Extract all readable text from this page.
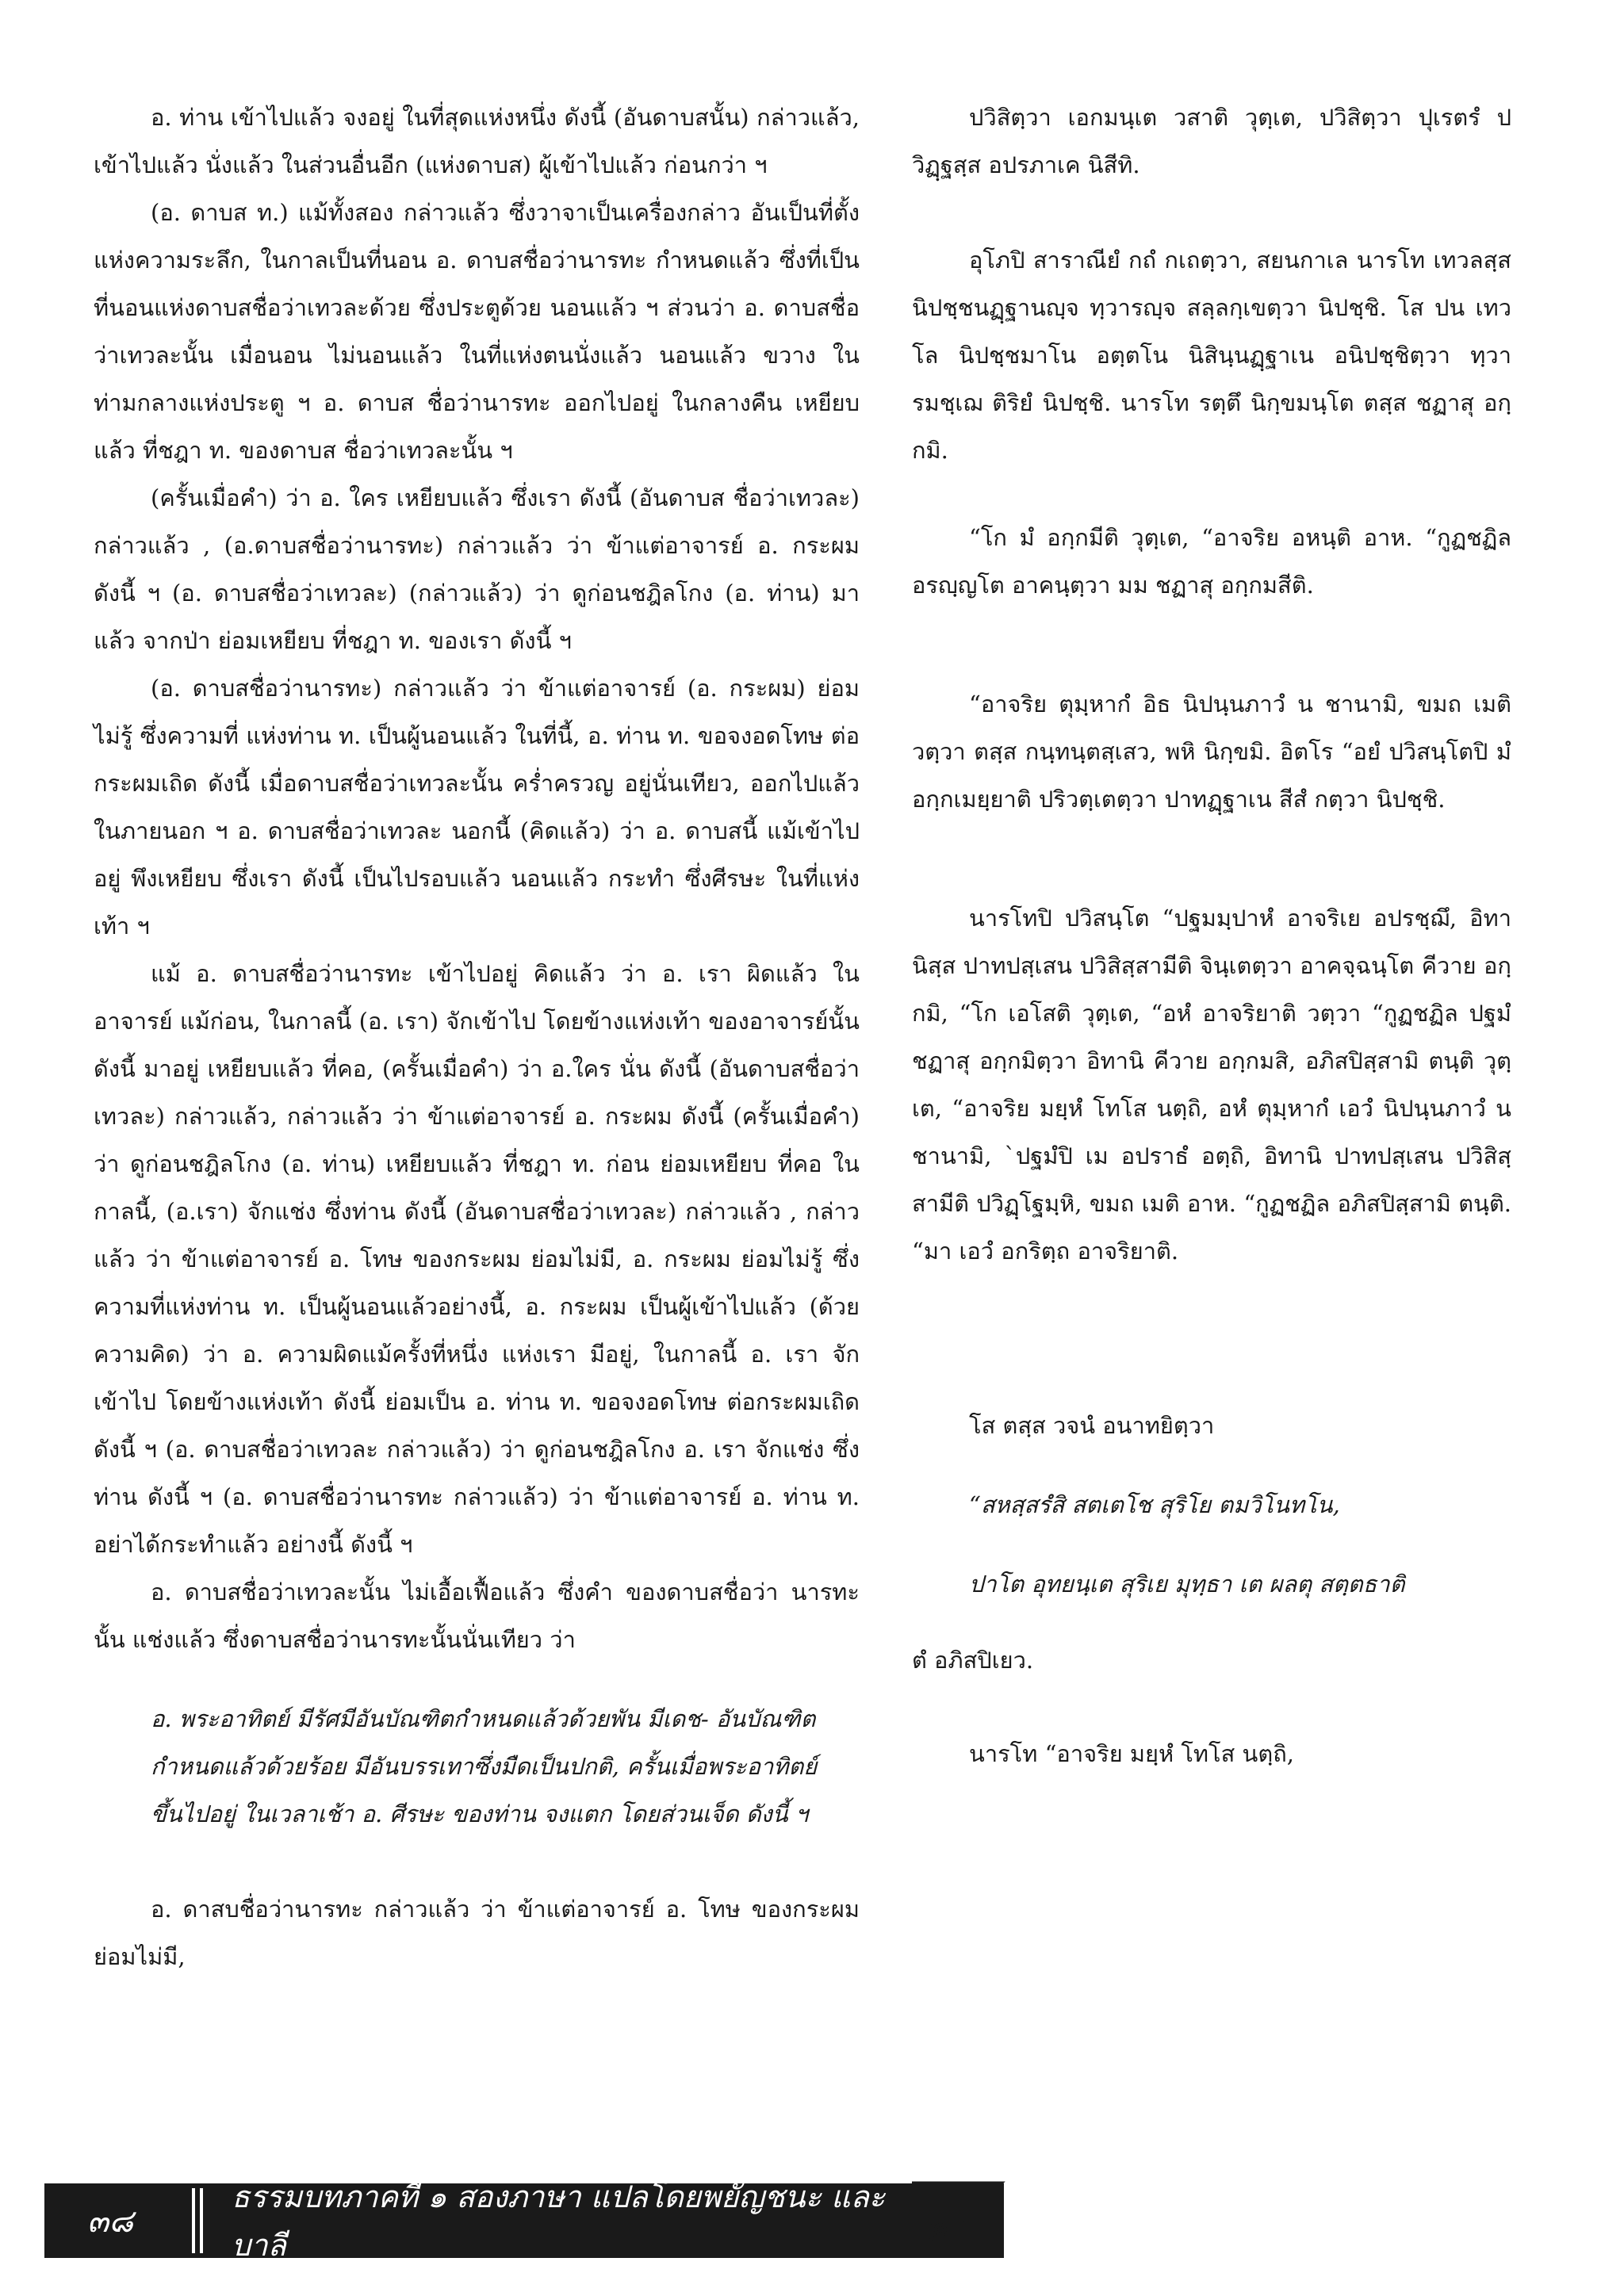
อ. ท่าน เข้าไปแล้ว จงอยู่ ในที่สุดแห่งหนึ่ง ดังนี้ (อันดาบสนั้น) กล่าวแล้ว, เข้าไปแล้ว นั่งแล้ว ในส่วนอื่นอีก (แห่งดาบส) ผู้เข้าไปแล้ว ก่อนกว่า ฯ

(อ. ดาบส ท.) แม้ทั้งสอง กล่าวแล้ว ซึ่งวาจาเป็นเครื่องกล่าว อันเป็นที่ตั้งแห่งความระลึก, ในกาลเป็นที่นอน อ. ดาบสชื่อว่านารทะ กำหนดแล้ว ซึ่งที่เป็นที่นอนแห่งดาบสชื่อว่าเทวละด้วย ซึ่งประตูด้วย นอนแล้ว ฯ ส่วนว่า อ. ดาบสชื่อว่าเทวละนั้น เมื่อนอน ไม่นอนแล้ว ในที่แห่งตนนั่งแล้ว นอนแล้ว ขวาง ในท่ามกลางแห่งประตู ฯ อ. ดาบส ชื่อว่านารทะ ออกไปอยู่ ในกลางคืน เหยียบแล้ว ที่ชฎา ท. ของดาบส ชื่อว่าเทวละนั้น ฯ

(ครั้นเมื่อคำ) ว่า อ. ใคร เหยียบแล้ว ซึ่งเรา ดังนี้ (อันดาบส ชื่อว่าเทวละ) กล่าวแล้ว , (อ.ดาบสชื่อว่านารทะ) กล่าวแล้ว ว่า ข้าแต่อาจารย์ อ. กระผม ดังนี้ ฯ (อ. ดาบสชื่อว่าเทวละ) (กล่าวแล้ว) ว่า ดูก่อนชฎิลโกง (อ. ท่าน) มาแล้ว จากป่า ย่อมเหยียบ ที่ชฎา ท. ของเรา ดังนี้ ฯ

(อ. ดาบสชื่อว่านารทะ) กล่าวแล้ว ว่า ข้าแต่อาจารย์ (อ. กระผม) ย่อมไม่รู้ ซึ่งความที่ แห่งท่าน ท. เป็นผู้นอนแล้ว ในที่นี้, อ. ท่าน ท. ขอจงอดโทษ ต่อกระผมเถิด ดังนี้ เมื่อดาบสชื่อว่าเทวละนั้น คร่ำครวญ อยู่นั่นเทียว, ออกไปแล้ว ในภายนอก ฯ อ. ดาบสชื่อว่าเทวละ นอกนี้ (คิดแล้ว) ว่า อ. ดาบสนี้ แม้เข้าไปอยู่ พึงเหยียบ ซึ่งเรา ดังนี้ เป็นไปรอบแล้ว นอนแล้ว กระทำ ซึ่งศีรษะ ในที่แห่งเท้า ฯ

แม้ อ. ดาบสชื่อว่านารทะ เข้าไปอยู่ คิดแล้ว ว่า อ. เรา ผิดแล้ว ในอาจารย์ แม้ก่อน, ในกาลนี้ (อ. เรา) จักเข้าไป โดยข้างแห่งเท้า ของอาจารย์นั้น ดังนี้ มาอยู่ เหยียบแล้ว ที่คอ, (ครั้นเมื่อคำ) ว่า อ.ใคร นั่น ดังนี้ (อันดาบสชื่อว่าเทวละ) กล่าวแล้ว, กล่าวแล้ว ว่า ข้าแต่อาจารย์ อ. กระผม ดังนี้ (ครั้นเมื่อคำ) ว่า ดูก่อนชฎิลโกง (อ. ท่าน) เหยียบแล้ว ที่ชฎา ท. ก่อน ย่อมเหยียบ ที่คอ ในกาลนี้, (อ.เรา) จักแช่ง ซึ่งท่าน ดังนี้ (อันดาบสชื่อว่าเทวละ) กล่าวแล้ว , กล่าวแล้ว ว่า ข้าแต่อาจารย์ อ. โทษ ของกระผม ย่อมไม่มี, อ. กระผม ย่อมไม่รู้ ซึ่งความที่แห่งท่าน ท. เป็นผู้นอนแล้วอย่างนี้, อ. กระผม เป็นผู้เข้าไปแล้ว (ด้วยความคิด) ว่า อ. ความผิดแม้ครั้งที่หนึ่ง แห่งเรา มีอยู่, ในกาลนี้ อ. เรา จักเข้าไป โดยข้างแห่งเท้า ดังนี้ ย่อมเป็น อ. ท่าน ท. ขอจงอดโทษ ต่อกระผมเถิด ดังนี้ ฯ (อ. ดาบสชื่อว่าเทวละ กล่าวแล้ว) ว่า ดูก่อนชฎิลโกง อ. เรา จักแช่ง ซึ่งท่าน ดังนี้ ฯ (อ. ดาบสชื่อว่านารทะ กล่าวแล้ว) ว่า ข้าแต่อาจารย์ อ. ท่าน ท. อย่าได้กระทำแล้ว อย่างนี้ ดังนี้ ฯ

อ. ดาบสชื่อว่าเทวละนั้น ไม่เอื้อเฟื้อแล้ว ซึ่งคำ ของดาบสชื่อว่า นารทะนั้น แช่งแล้ว ซึ่งดาบสชื่อว่านารทะนั้นนั่นเทียว ว่า

อ. พระอาทิตย์ มีรัศมีอันบัณฑิตกำหนดแล้วด้วยพัน มีเดช- อันบัณฑิตกำหนดแล้วด้วยร้อย มีอันบรรเทาซึ่งมืดเป็นปกติ, ครั้นเมื่อพระอาทิตย์ ขึ้นไปอยู่ ในเวลาเช้า อ. ศีรษะ ของท่าน จงแตก โดยส่วนเจ็ด ดังนี้ ฯ

อ. ดาสบชื่อว่านารทะ กล่าวแล้ว ว่า ข้าแต่อาจารย์ อ. โทษ ของกระผม ย่อมไม่มี,

ปวิสิตฺวา เอกมนฺเต วสาติ วุตฺเต, ปวิสิตฺวา ปุเรตรํ ปวิฏฺฐสฺส อปรภาเค นิสีทิ.

อุโภปิ สาราณียํ กถํ กเถตฺวา, สยนกาเล นารโท เทวลสฺส นิปชฺชนฏฺฐานญฺจ ทฺวารญฺจ สลฺลกฺเขตฺวา นิปชฺชิ. โส ปน เทวโล นิปชฺชมาโน อตฺตโน นิสินฺนฏฺฐาเน อนิปชฺชิตฺวา ทฺวารมชฺเฌ ติริยํ นิปชฺชิ. นารโท รตฺตึ นิกฺขมนฺโต ตสฺส ชฏาสุ อกฺกมิ.

“โก มํ อกฺกมีติ วุตฺเต, “อาจริย อหนฺติ อาห. “กูฏชฏิล อรญฺญโต อาคนฺตฺวา มม ชฏาสุ อกฺกมสีติ.

“อาจริย ตุมฺหากํ อิธ นิปนฺนภาวํ น ชานามิ, ขมถ เมติ วตฺวา ตสฺส กนฺทนฺตสฺเสว, พหิ นิกฺขมิ. อิตโร “อยํ ปวิสนฺโตปิ มํ อกฺกเมยฺยาติ ปริวตฺเตตฺวา ปาทฏฺฐาเน สีสํ กตฺวา นิปชฺชิ.

นารโทปิ ปวิสนฺโต “ปฐมมฺปาหํ อาจริเย อปรชฺฌึ, อิทานิสฺส ปาทปสฺเสน ปวิสิสฺสามีติ จินฺเตตฺวา อาคจฺฉนฺโต คีวาย อกฺกมิ, “โก เอโสติ วุตฺเต, “อหํ อาจริยาติ วตฺวา “กูฏชฏิล ปฐมํ ชฏาสุ อกฺกมิตฺวา อิทานิ คีวาย อกฺกมสิ, อภิสปิสฺสามิ ตนฺติ วุตฺเต, “อาจริย มยฺหํ โทโส นตฺถิ, อหํ ตุมฺหากํ เอวํ นิปนฺนภาวํ น ชานามิ, `ปฐมํปิ เม อปราธํ อตฺถิ, อิทานิ ปาทปสฺเสน ปวิสิสฺสามีติ ปวิฏฺโฐมฺหิ, ขมถ เมติ อาห. “กูฏชฏิล อภิสปิสฺสามิ ตนฺติ. “มา เอวํ อกริตฺถ อาจริยาติ.

โส ตสฺส วจนํ อนาทยิตฺวา

“สหสฺสรํสิ สตเตโช สุริโย ตมวิโนทโน,

ปาโต อุทยนฺเต สุริเย มุทฺธา เต ผลตุ สตฺตธาติ

ตํ อภิสปิเยว.

นารโท “อาจริย มยฺหํ โทโส นตฺถิ,

๓๘
ธรรมบทภาคที่ ๑ สองภาษา แปลโดยพยัญชนะ และ บาลี
